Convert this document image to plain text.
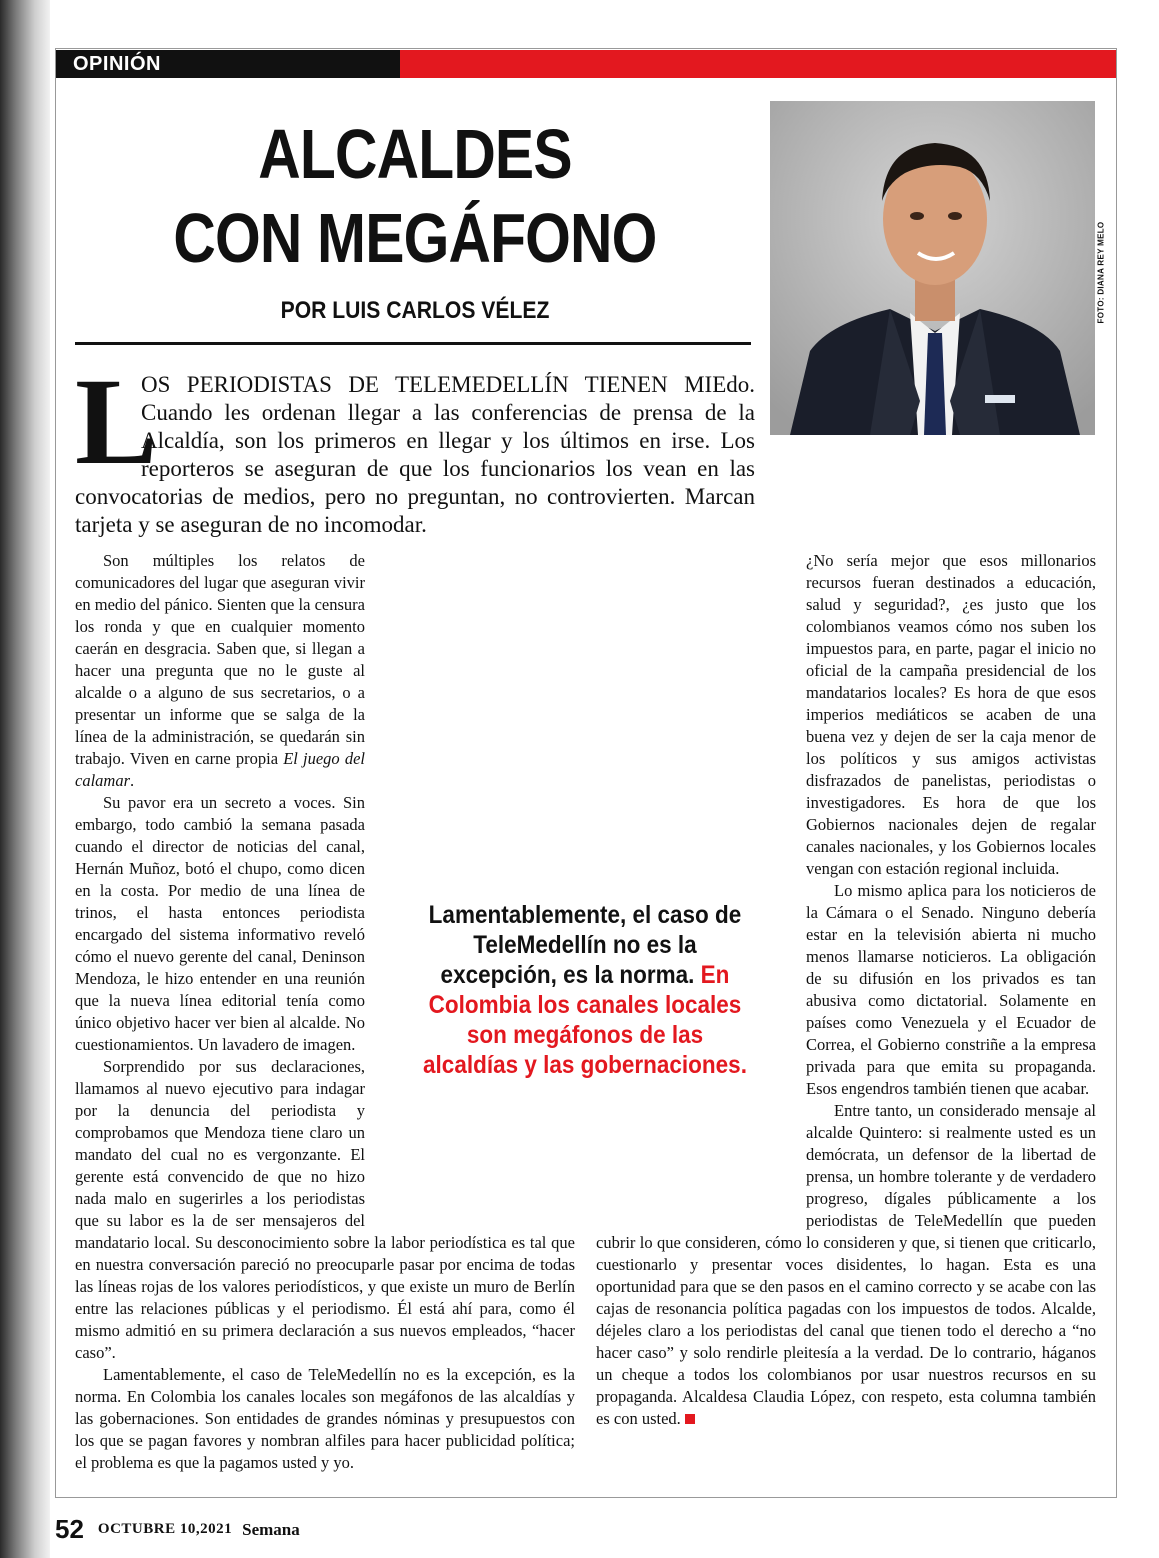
OPINIÓN
ALCALDES
CON MEGÁFONO
POR LUIS CARLOS VÉLEZ	FOTO: DIANA REY MELO

L
OS PERIODISTAS DE TELEMEDELLÍN TIENEN MIEdo. Cuando les ordenan llegar a las conferencias de prensa de la Alcaldía, son los primeros en llegar y los últimos en irse. Los reporteros se aseguran de que los funcionarios los vean en las convocatorias de medios, pero no preguntan, no controvierten. Marcan tarjeta y se aseguran de no incomodar.

Son múltiples los relatos de comunicadores del lugar que aseguran vivir en medio del pánico. Sienten que la censura los ronda y que en cualquier momento caerán en desgracia. Saben que, si llegan a hacer una pregunta que no le guste al alcalde o a alguno de sus secretarios, o a presentar un informe que se salga de la línea de la administración, se quedarán sin trabajo. Viven en carne propia El juego del calamar.

Su pavor era un secreto a voces. Sin embargo, todo cambió la semana pasada cuando el director de noticias del canal, Hernán Muñoz, botó el chupo, como dicen en la costa. Por medio de una línea de trinos, el hasta entonces periodista encargado del sistema informativo reveló cómo el nuevo gerente del canal, Deninson Mendoza, le hizo entender en una reunión que la nueva línea editorial tenía como único objetivo hacer ver bien al alcalde. No cuestionamientos. Un lavadero de imagen.

Sorprendido por sus declaraciones, llamamos al nuevo ejecutivo para indagar por la denuncia del periodista y comprobamos que Mendoza tiene claro un mandato del cual no es vergonzante. El gerente está convencido de que no hizo nada malo en sugerirles a los periodistas que su labor es la de ser mensajeros del mandatario local. Su desconocimiento sobre la labor periodística es tal que en nuestra conversación pareció no preocuparle pasar por encima de todas las líneas rojas de los valores periodísticos, y que existe un muro de Berlín entre las relaciones públicas y el periodismo. Él está ahí para, como él mismo admitió en su primera declaración a sus nuevos empleados, “hacer caso”.

Lamentablemente, el caso de TeleMedellín no es la excepción, es la norma. En Colombia los canales locales son megáfonos de las alcaldías y las gobernaciones. Son entidades de grandes nóminas y presupuestos con los que se pagan favores y nombran alfiles para hacer publicidad política; el problema es que la pagamos usted y yo.

¿No sería mejor que esos millonarios recursos fueran destinados a educación, salud y seguridad?, ¿es justo que los colombianos veamos cómo nos suben los impuestos para, en parte, pagar el inicio no oficial de la campaña presidencial de los mandatarios locales? Es hora de que esos imperios mediáticos se acaben de una buena vez y dejen de ser la caja menor de los políticos y sus amigos activistas disfrazados de panelistas, periodistas o investigadores. Es hora de que los Gobiernos nacionales dejen de regalar canales nacionales, y los Gobiernos locales vengan con estación regional incluida.

Lo mismo aplica para los noticieros de la Cámara o el Senado. Ninguno debería estar en la televisión abierta ni mucho menos llamarse noticieros. La obligación de su difusión en los privados es tan abusiva como dictatorial. Solamente en países como Venezuela y el Ecuador de Correa, el Gobierno constriñe a la empresa privada para que emita su propaganda. Esos engendros también tienen que acabar.

Entre tanto, un considerado mensaje al alcalde Quintero: si realmente usted es un demócrata, un defensor de la libertad de prensa, un hombre tolerante y de verdadero progreso, dígales públicamente a los periodistas de TeleMedellín que pueden cubrir lo que consideren, cómo lo consideren y que, si tienen que criticarlo, cuestionarlo y presentar voces disidentes, lo hagan. Esta es una oportunidad para que se den pasos en el camino correcto y se acabe con las cajas de resonancia política pagadas con los impuestos de todos. Alcalde, déjeles claro a los periodistas del canal que tienen todo el derecho a “no hacer caso” y solo rendirle pleitesía a la verdad. De lo contrario, háganos un cheque a todos los colombianos por usar nuestros recursos en su propaganda. Alcaldesa Claudia López, con respeto, esta columna también es con usted.

Lamentablemente, el caso de TeleMedellín no es la excepción, es la norma. En Colombia los canales locales son megáfonos de las alcaldías y las gobernaciones.
52 OCTUBRE 10,2021 Semana
